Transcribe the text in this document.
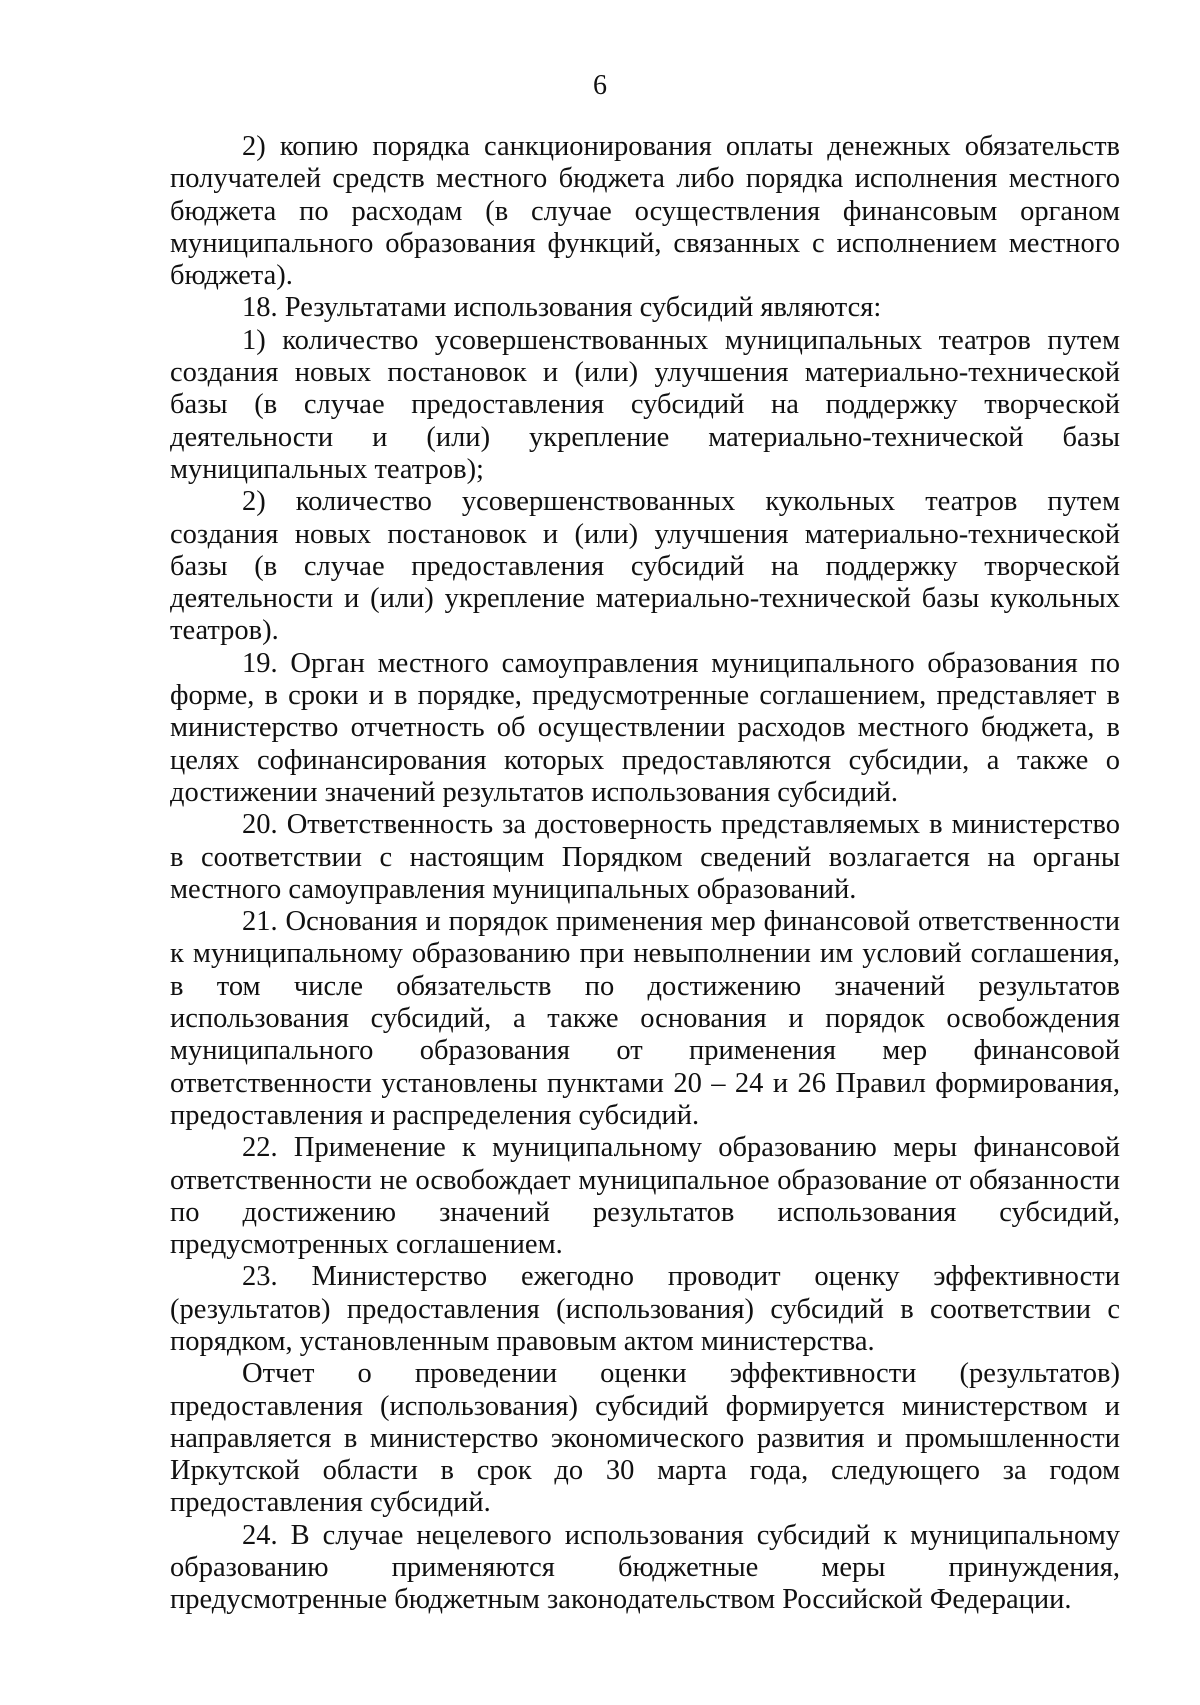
6

2) копию порядка санкционирования оплаты денежных обязательств получателей средств местного бюджета либо порядка исполнения местного бюджета по расходам (в случае осуществления финансовым органом муниципального образования функций, связанных с исполнением местного бюджета).

18. Результатами использования субсидий являются:

1) количество усовершенствованных муниципальных театров путем создания новых постановок и (или) улучшения материально-технической базы (в случае предоставления субсидий на поддержку творческой деятельности и (или) укрепление материально-технической базы муниципальных театров);

2) количество усовершенствованных кукольных театров путем создания новых постановок и (или) улучшения материально-технической базы (в случае предоставления субсидий на поддержку творческой деятельности и (или) укрепление материально-технической базы кукольных театров).

19. Орган местного самоуправления муниципального образования по форме, в сроки и в порядке, предусмотренные соглашением, представляет в министерство отчетность об осуществлении расходов местного бюджета, в целях софинансирования которых предоставляются субсидии, а также о достижении значений результатов использования субсидий.

20. Ответственность за достоверность представляемых в министерство в соответствии с настоящим Порядком сведений возлагается на органы местного самоуправления муниципальных образований.

21. Основания и порядок применения мер финансовой ответственности к муниципальному образованию при невыполнении им условий соглашения, в том числе обязательств по достижению значений результатов использования субсидий, а также основания и порядок освобождения муниципального образования от применения мер финансовой ответственности установлены пунктами 20 – 24 и 26 Правил формирования, предоставления и распределения субсидий.

22. Применение к муниципальному образованию меры финансовой ответственности не освобождает муниципальное образование от обязанности по достижению значений результатов использования субсидий, предусмотренных соглашением.

23. Министерство ежегодно проводит оценку эффективности (результатов) предоставления (использования) субсидий в соответствии с порядком, установленным правовым актом министерства.

Отчет о проведении оценки эффективности (результатов) предоставления (использования) субсидий формируется министерством и направляется в министерство экономического развития и промышленности Иркутской области в срок до 30 марта года, следующего за годом предоставления субсидий.

24. В случае нецелевого использования субсидий к муниципальному образованию применяются бюджетные меры принуждения, предусмотренные бюджетным законодательством Российской Федерации.
